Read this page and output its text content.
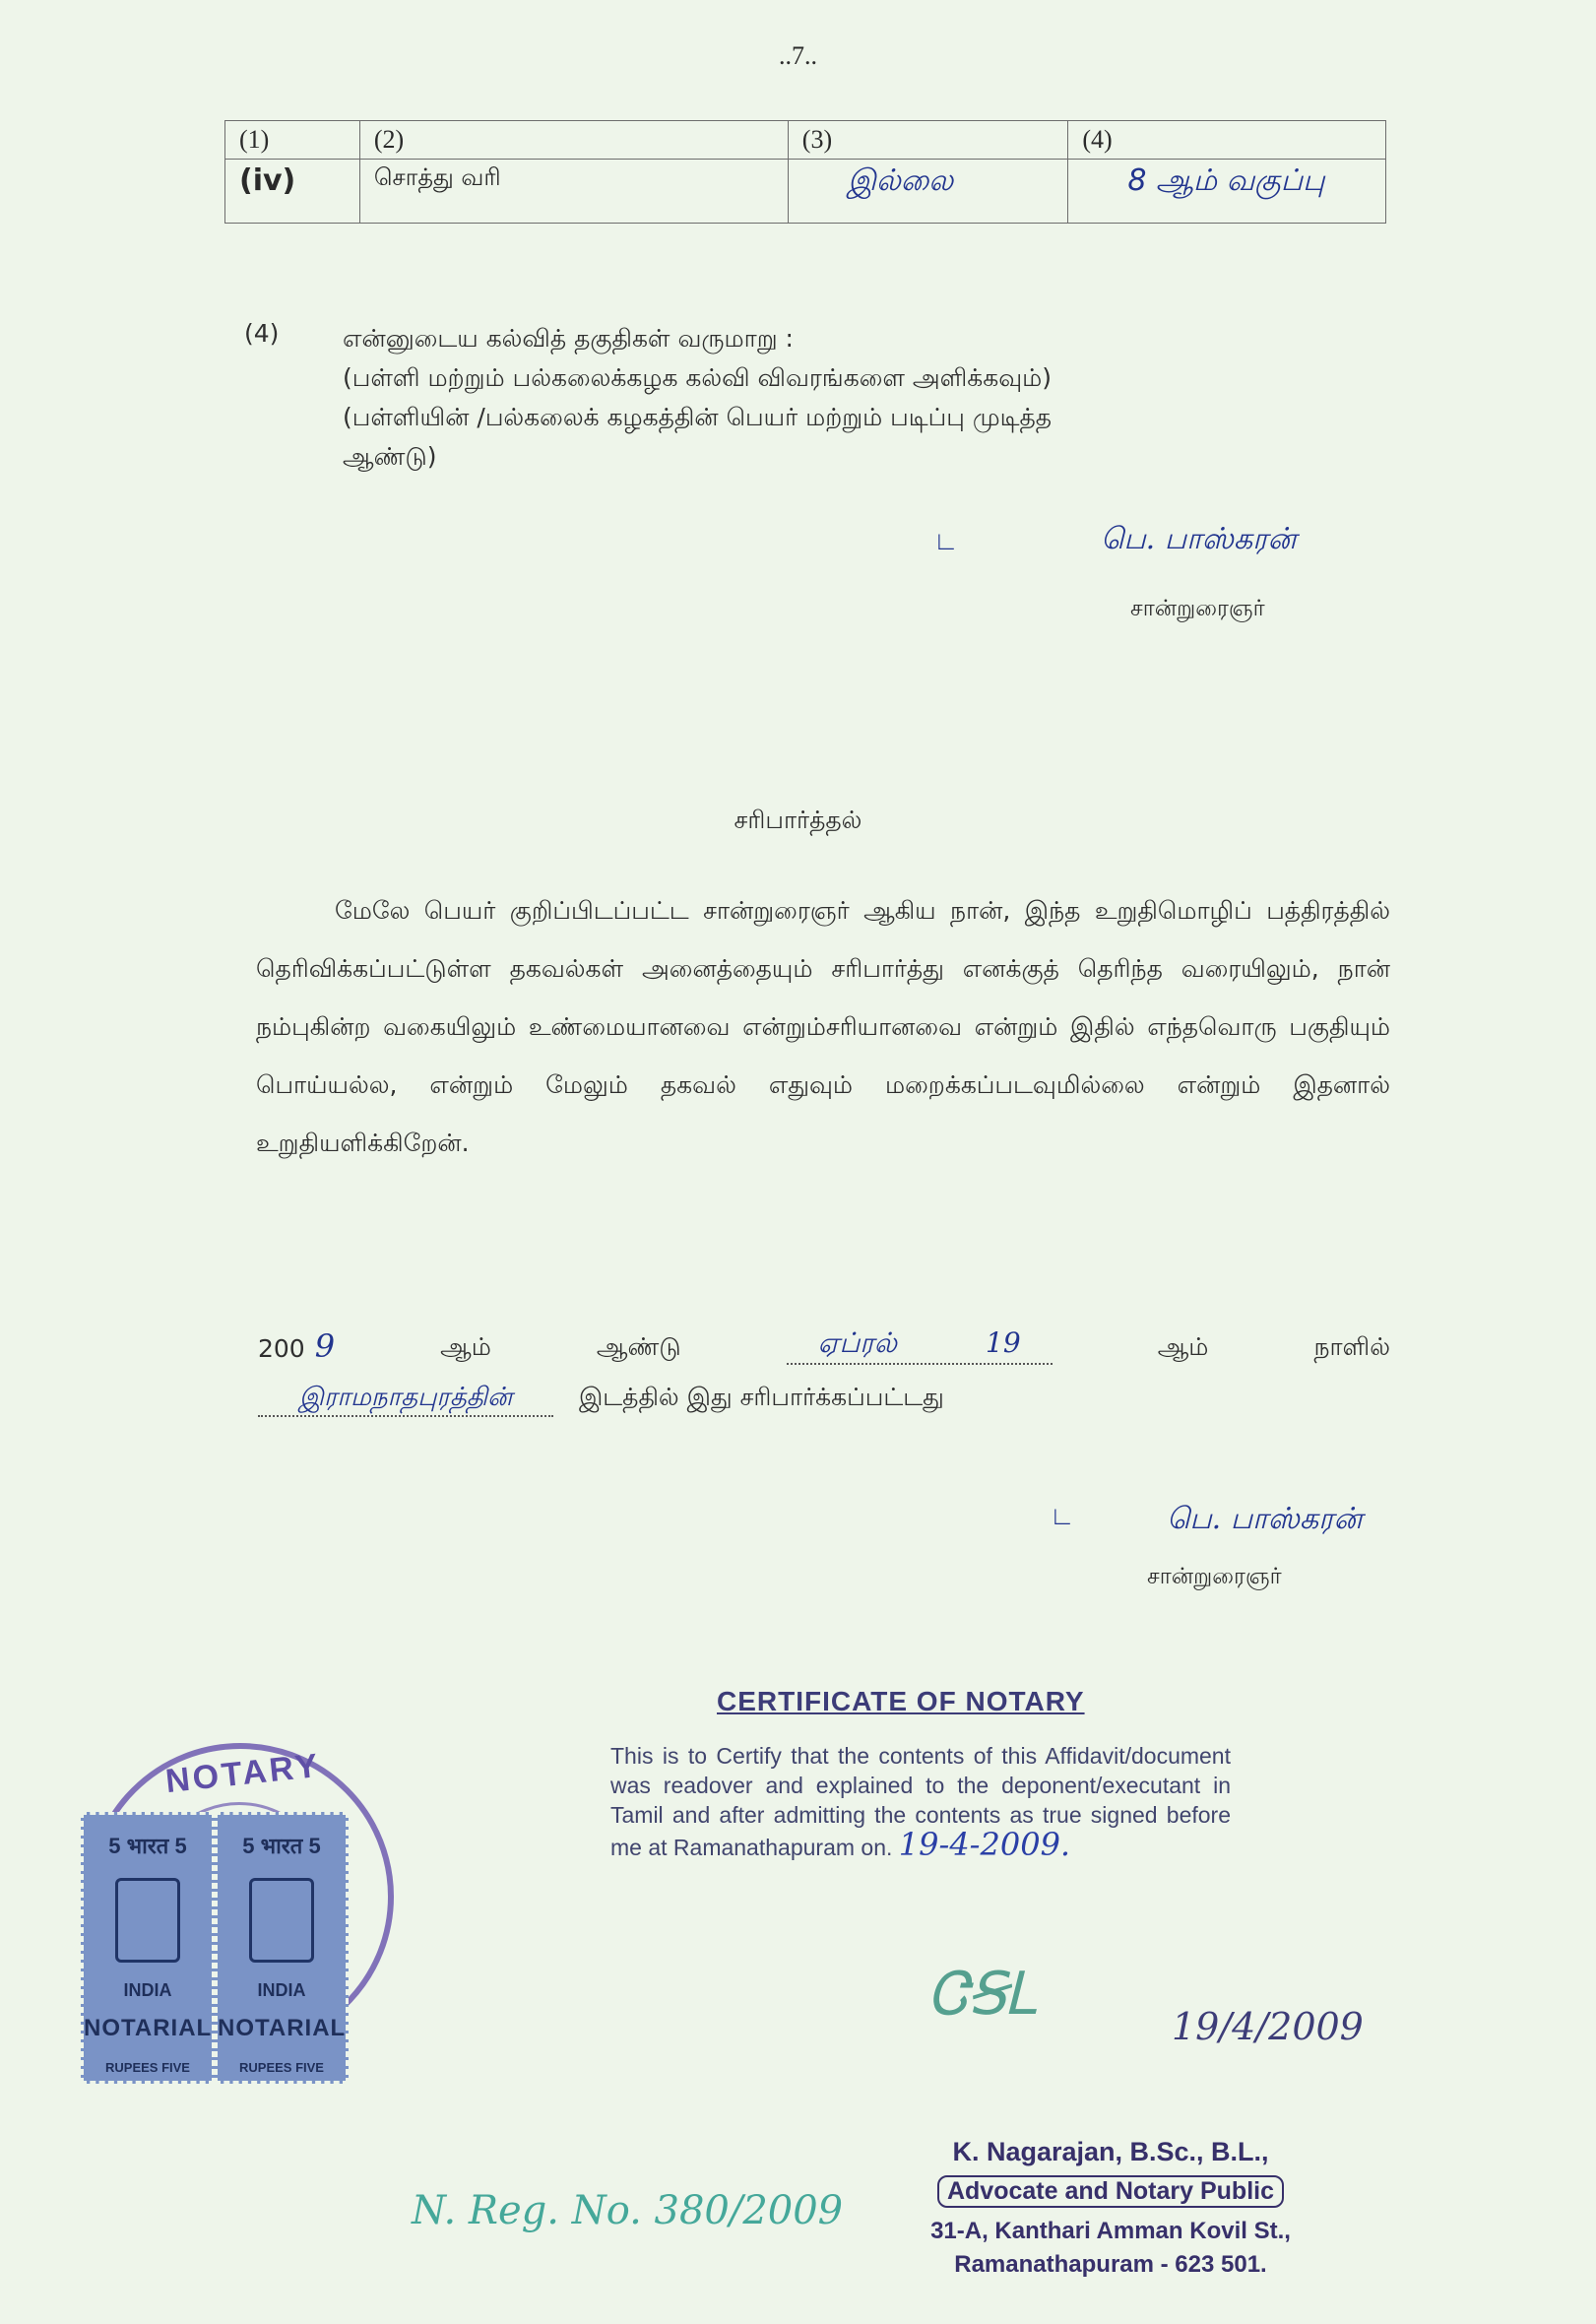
..7..
(1)	(2)	(3)	(4)
(iv)	சொத்து வரி	இல்லை	8 ஆம் வகுப்பு
(4)	என்னுடைய கல்வித் தகுதிகள் வருமாறு :
(பள்ளி மற்றும் பல்கலைக்கழக கல்வி விவரங்களை அளிக்கவும்)
(பள்ளியின் /பல்கலைக் கழகத்தின் பெயர் மற்றும் படிப்பு முடித்த
ஆண்டு)
∟	பெ. பாஸ்கரன்
சான்றுரைஞர்
சரிபார்த்தல்
மேலே பெயர் குறிப்பிடப்பட்ட சான்றுரைஞர் ஆகிய நான், இந்த உறுதிமொழிப் பத்திரத்தில் தெரிவிக்கப்பட்டுள்ள தகவல்கள் அனைத்தையும் சரிபார்த்து எனக்குத் தெரிந்த வரையிலும், நான் நம்புகின்ற வகையிலும் உண்மையானவை என்றும்சரியானவை என்றும் இதில் எந்தவொரு பகுதியும் பொய்யல்ல, என்றும் மேலும் தகவல் எதுவும் மறைக்கப்படவுமில்லை என்றும் இதனால் உறுதியளிக்கிறேன்.
200 9	ஆம்	ஆண்டு	ஏப்ரல்	19	ஆம்	நாளில்
இராமநாதபுரத்தின்	இடத்தில் இது சரிபார்க்கப்பட்டது
∟	பெ. பாஸ்கரன்
சான்றுரைஞர்
CERTIFICATE OF NOTARY
This is to Certify that the contents of this Affidavit/document was readover and explained to the deponent/executant in Tamil and after admitting the contents as true signed before me at Ramanathapuram on. 19-4-2009.
ᏣꞨᏞ	19/4/2009
NOTARY
5 भारत 5
INDIA
NOTARIAL
RUPEES FIVE
5 भारत 5
INDIA
NOTARIAL
RUPEES FIVE
K. Nagarajan, B.Sc., B.L.,
Advocate and Notary Public
31-A, Kanthari Amman Kovil St.,
Ramanathapuram - 623 501.
N. Reg. No. 380/2009
